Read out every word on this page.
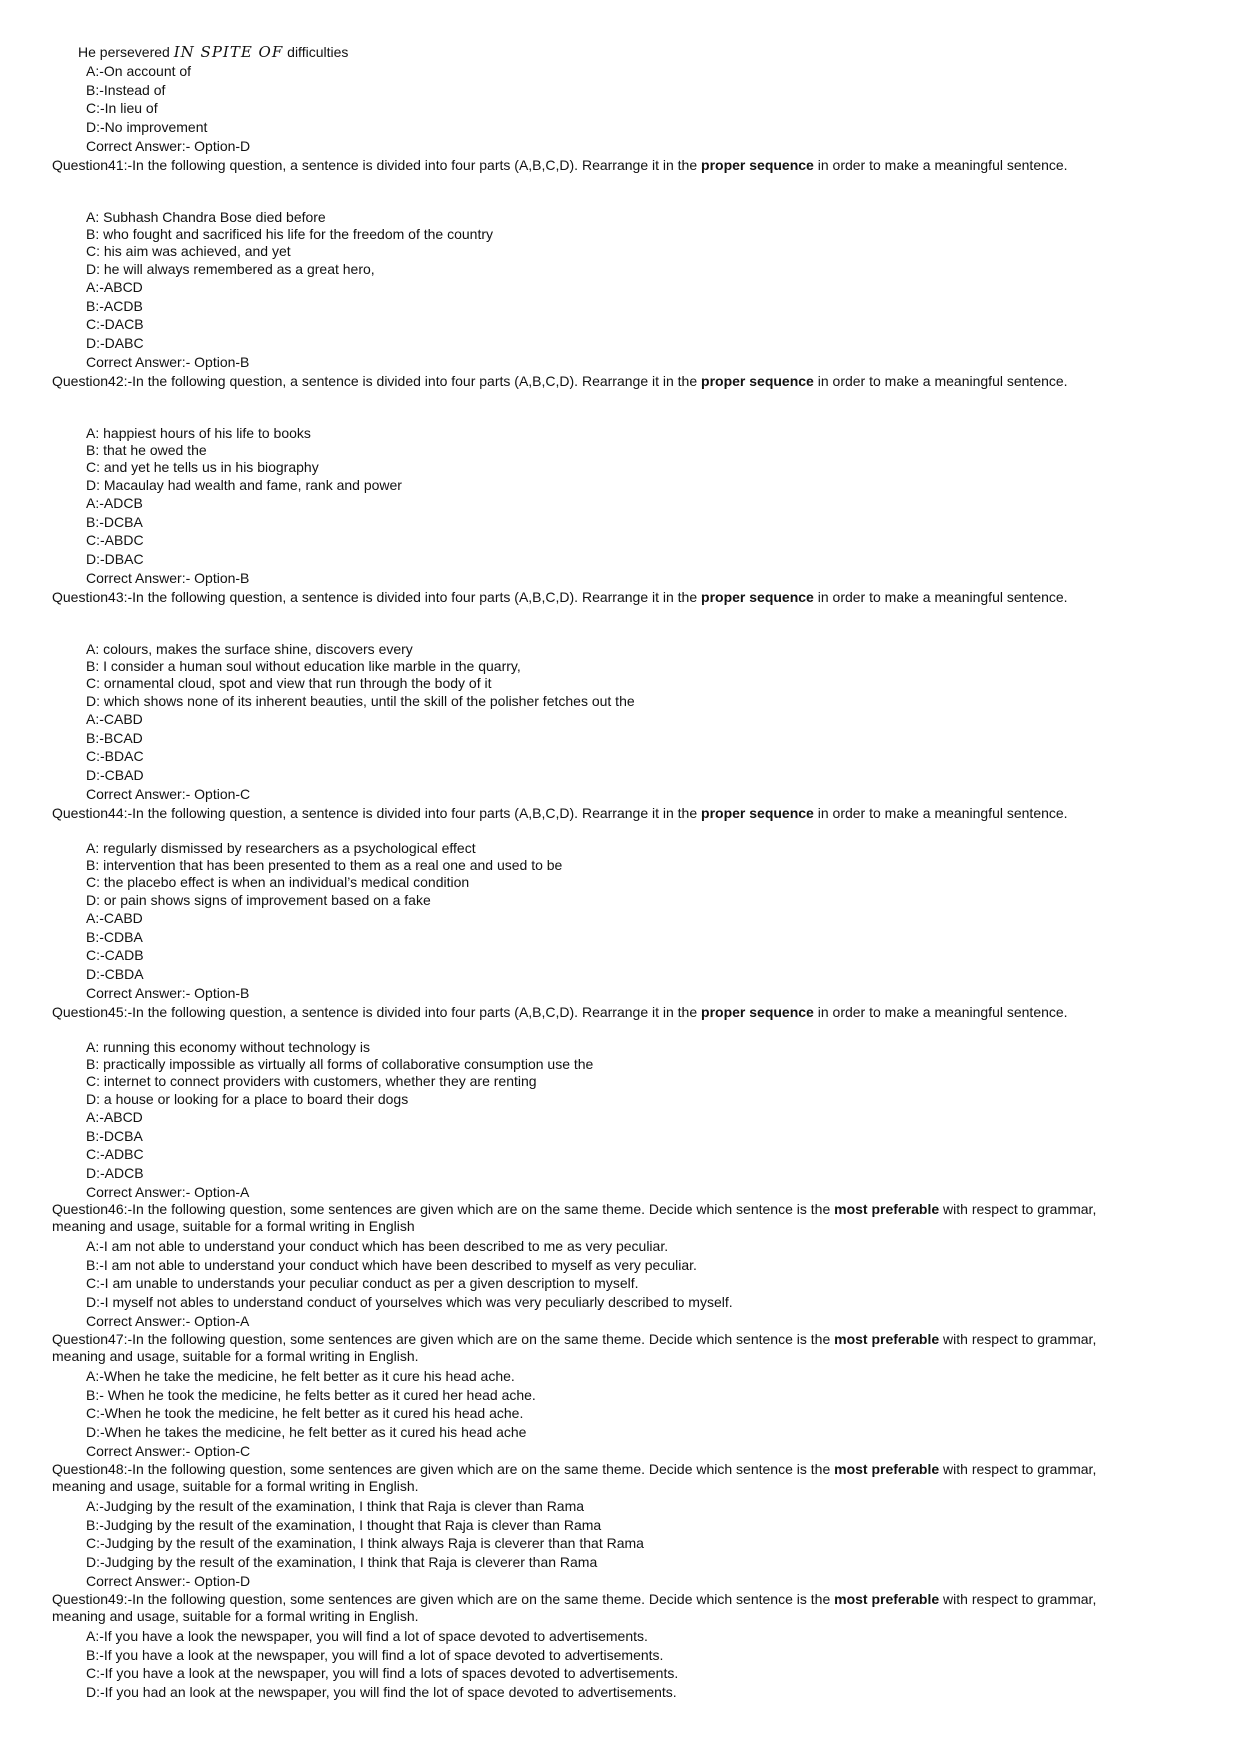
He persevered IN SPITE OF difficulties
A:-On account of
B:-Instead of
C:-In lieu of
D:-No improvement
Correct Answer:- Option-D
Question41:-In the following question, a sentence is divided into four parts (A,B,C,D). Rearrange it in the proper sequence in order to make a meaningful sentence.
A: Subhash Chandra Bose died before
B: who fought and sacrificed his life for the freedom of the country
C: his aim was achieved, and yet
D: he will always remembered as a great hero,
A:-ABCD
B:-ACDB
C:-DACB
D:-DABC
Correct Answer:- Option-B
Question42:-In the following question, a sentence is divided into four parts (A,B,C,D). Rearrange it in the proper sequence in order to make a meaningful sentence.
A: happiest hours of his life to books
B: that he owed the
C: and yet he tells us in his biography
D: Macaulay had wealth and fame, rank and power
A:-ADCB
B:-DCBA
C:-ABDC
D:-DBAC
Correct Answer:- Option-B
Question43:-In the following question, a sentence is divided into four parts (A,B,C,D). Rearrange it in the proper sequence in order to make a meaningful sentence.
A: colours, makes the surface shine, discovers every
B: I consider a human soul without education like marble in the quarry,
C: ornamental cloud, spot and view that run through the body of it
D: which shows none of its inherent beauties, until the skill of the polisher fetches out the
A:-CABD
B:-BCAD
C:-BDAC
D:-CBAD
Correct Answer:- Option-C
Question44:-In the following question, a sentence is divided into four parts (A,B,C,D). Rearrange it in the proper sequence in order to make a meaningful sentence.
A: regularly dismissed by researchers as a psychological effect
B: intervention that has been presented to them as a real one and used to be
C: the placebo effect is when an individual’s medical condition
D: or pain shows signs of improvement based on a fake
A:-CABD
B:-CDBA
C:-CADB
D:-CBDA
Correct Answer:- Option-B
Question45:-In the following question, a sentence is divided into four parts (A,B,C,D). Rearrange it in the proper sequence in order to make a meaningful sentence.
A: running this economy without technology is
B: practically impossible as virtually all forms of collaborative consumption use the
C: internet to connect providers with customers, whether they are renting
D: a house or looking for a place to board their dogs
A:-ABCD
B:-DCBA
C:-ADBC
D:-ADCB
Correct Answer:- Option-A
Question46:-In the following question, some sentences are given which are on the same theme. Decide which sentence is the most preferable with respect to grammar,
meaning and usage, suitable for a formal writing in English
A:-I am not able to understand your conduct which has been described to me as very peculiar.
B:-I am not able to understand your conduct which have been described to myself as very peculiar.
C:-I am unable to understands your peculiar conduct as per a given description to myself.
D:-I myself not ables to understand conduct of yourselves which was very peculiarly described to myself.
Correct Answer:- Option-A
Question47:-In the following question, some sentences are given which are on the same theme. Decide which sentence is the most preferable with respect to grammar,
meaning and usage, suitable for a formal writing in English.
A:-When he take the medicine, he felt better as it cure his head ache.
B:- When he took the medicine, he felts better as it cured her head ache.
C:-When he took the medicine, he felt better as it cured his head ache.
D:-When he takes the medicine, he felt better as it cured his head ache
Correct Answer:- Option-C
Question48:-In the following question, some sentences are given which are on the same theme. Decide which sentence is the most preferable with respect to grammar,
meaning and usage, suitable for a formal writing in English.
A:-Judging by the result of the examination, I think that Raja is clever than Rama
B:-Judging by the result of the examination, I thought that Raja is clever than Rama
C:-Judging by the result of the examination, I think always Raja is cleverer than that Rama
D:-Judging by the result of the examination, I think that Raja is cleverer than Rama
Correct Answer:- Option-D
Question49:-In the following question, some sentences are given which are on the same theme. Decide which sentence is the most preferable with respect to grammar,
meaning and usage, suitable for a formal writing in English.
A:-If you have a look the newspaper, you will find a lot of space devoted to advertisements.
B:-If you have a look at the newspaper, you will find a lot of space devoted to advertisements.
C:-If you have a look at the newspaper, you will find a lots of spaces devoted to advertisements.
D:-If you had an look at the newspaper, you will find the lot of space devoted to advertisements.
